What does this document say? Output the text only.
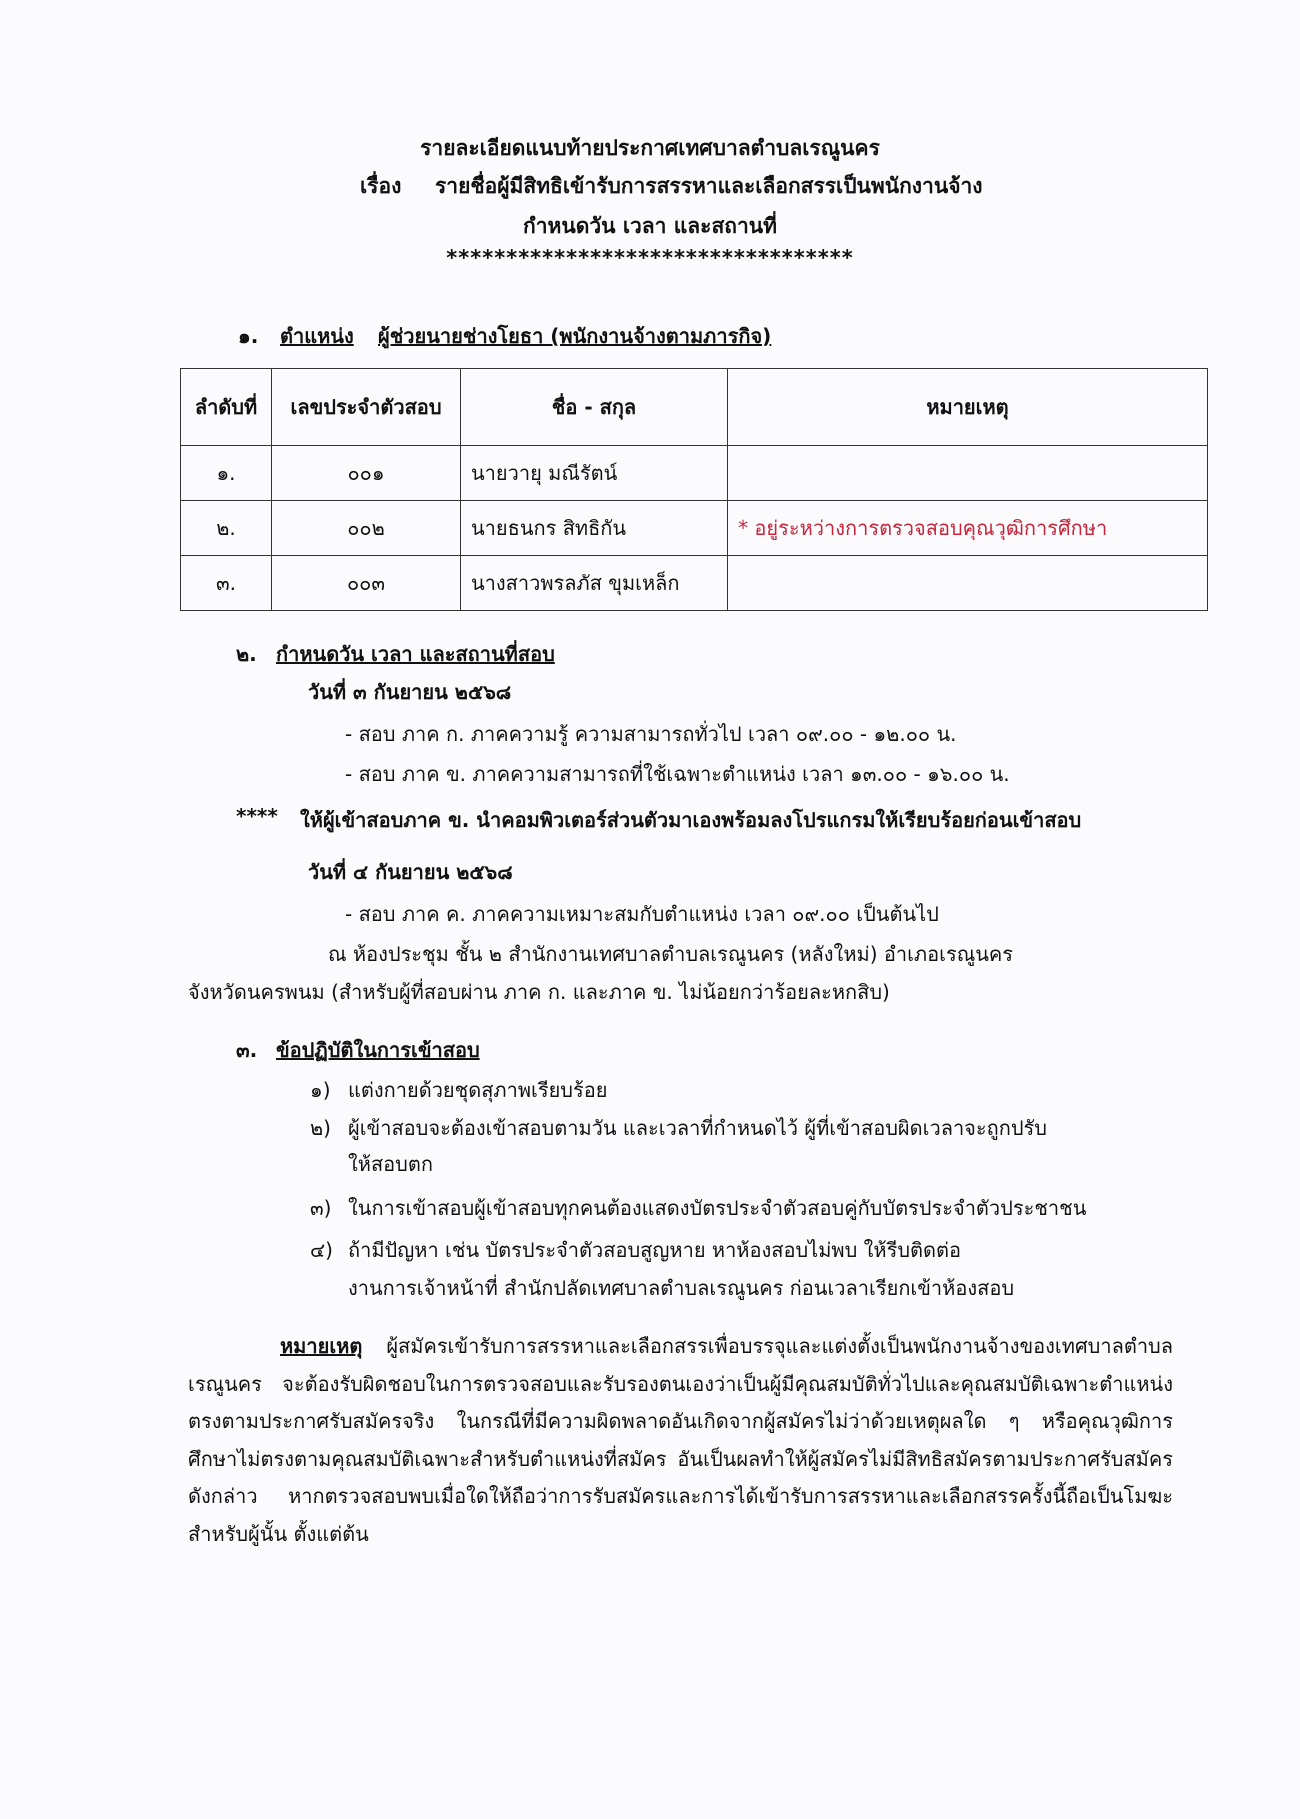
รายละเอียดแนบท้ายประกาศเทศบาลตำบลเรณูนคร
เรื่อง รายชื่อผู้มีสิทธิเข้ารับการสรรหาและเลือกสรรเป็นพนักงานจ้าง
กำหนดวัน เวลา และสถานที่
**********************************
๑. ตำแหน่ง ผู้ช่วยนายช่างโยธา (พนักงานจ้างตามภารกิจ)
ลำดับที่	เลขประจำตัวสอบ	ชื่อ - สกุล	หมายเหตุ
๑.	๐๐๑	นายวายุ มณีรัตน์	
๒.	๐๐๒	นายธนกร สิทธิกัน	* อยู่ระหว่างการตรวจสอบคุณวุฒิการศึกษา
๓.	๐๐๓	นางสาวพรลภัส ขุมเหล็ก	
๒. กำหนดวัน เวลา และสถานที่สอบ
วันที่ ๓ กันยายน ๒๕๖๘
- สอบ ภาค ก. ภาคความรู้ ความสามารถทั่วไป เวลา ๐๙.๐๐ - ๑๒.๐๐ น.
- สอบ ภาค ข. ภาคความสามารถที่ใช้เฉพาะตำแหน่ง เวลา ๑๓.๐๐ - ๑๖.๐๐ น.
**** ให้ผู้เข้าสอบภาค ข. นำคอมพิวเตอร์ส่วนตัวมาเองพร้อมลงโปรแกรมให้เรียบร้อยก่อนเข้าสอบ
วันที่ ๔ กันยายน ๒๕๖๘
- สอบ ภาค ค. ภาคความเหมาะสมกับตำแหน่ง เวลา ๐๙.๐๐ เป็นต้นไป
ณ ห้องประชุม ชั้น ๒ สำนักงานเทศบาลตำบลเรณูนคร (หลังใหม่) อำเภอเรณูนคร
จังหวัดนครพนม (สำหรับผู้ที่สอบผ่าน ภาค ก. และภาค ข. ไม่น้อยกว่าร้อยละหกสิบ)
๓. ข้อปฏิบัติในการเข้าสอบ
๑) แต่งกายด้วยชุดสุภาพเรียบร้อย
๒) ผู้เข้าสอบจะต้องเข้าสอบตามวัน และเวลาที่กำหนดไว้ ผู้ที่เข้าสอบผิดเวลาจะถูกปรับ
ให้สอบตก
๓) ในการเข้าสอบผู้เข้าสอบทุกคนต้องแสดงบัตรประจำตัวสอบคู่กับบัตรประจำตัวประชาชน
๔) ถ้ามีปัญหา เช่น บัตรประจำตัวสอบสูญหาย หาห้องสอบไม่พบ ให้รีบติดต่อ
งานการเจ้าหน้าที่ สำนักปลัดเทศบาลตำบลเรณูนคร ก่อนเวลาเรียกเข้าห้องสอบ
หมายเหตุ ผู้สมัครเข้ารับการสรรหาและเลือกสรรเพื่อบรรจุและแต่งตั้งเป็นพนักงานจ้างของเทศบาลตำบลเรณูนคร จะต้องรับผิดชอบในการตรวจสอบและรับรองตนเองว่าเป็นผู้มีคุณสมบัติทั่วไปและคุณสมบัติเฉพาะตำแหน่งตรงตามประกาศรับสมัครจริง ในกรณีที่มีความผิดพลาดอันเกิดจากผู้สมัครไม่ว่าด้วยเหตุผลใด ๆ หรือคุณวุฒิการศึกษาไม่ตรงตามคุณสมบัติเฉพาะสำหรับตำแหน่งที่สมัคร อันเป็นผลทำให้ผู้สมัครไม่มีสิทธิสมัครตามประกาศรับสมัครดังกล่าว หากตรวจสอบพบเมื่อใดให้ถือว่าการรับสมัครและการได้เข้ารับการสรรหาและเลือกสรรครั้งนี้ถือเป็นโมฆะสำหรับผู้นั้น ตั้งแต่ต้น
